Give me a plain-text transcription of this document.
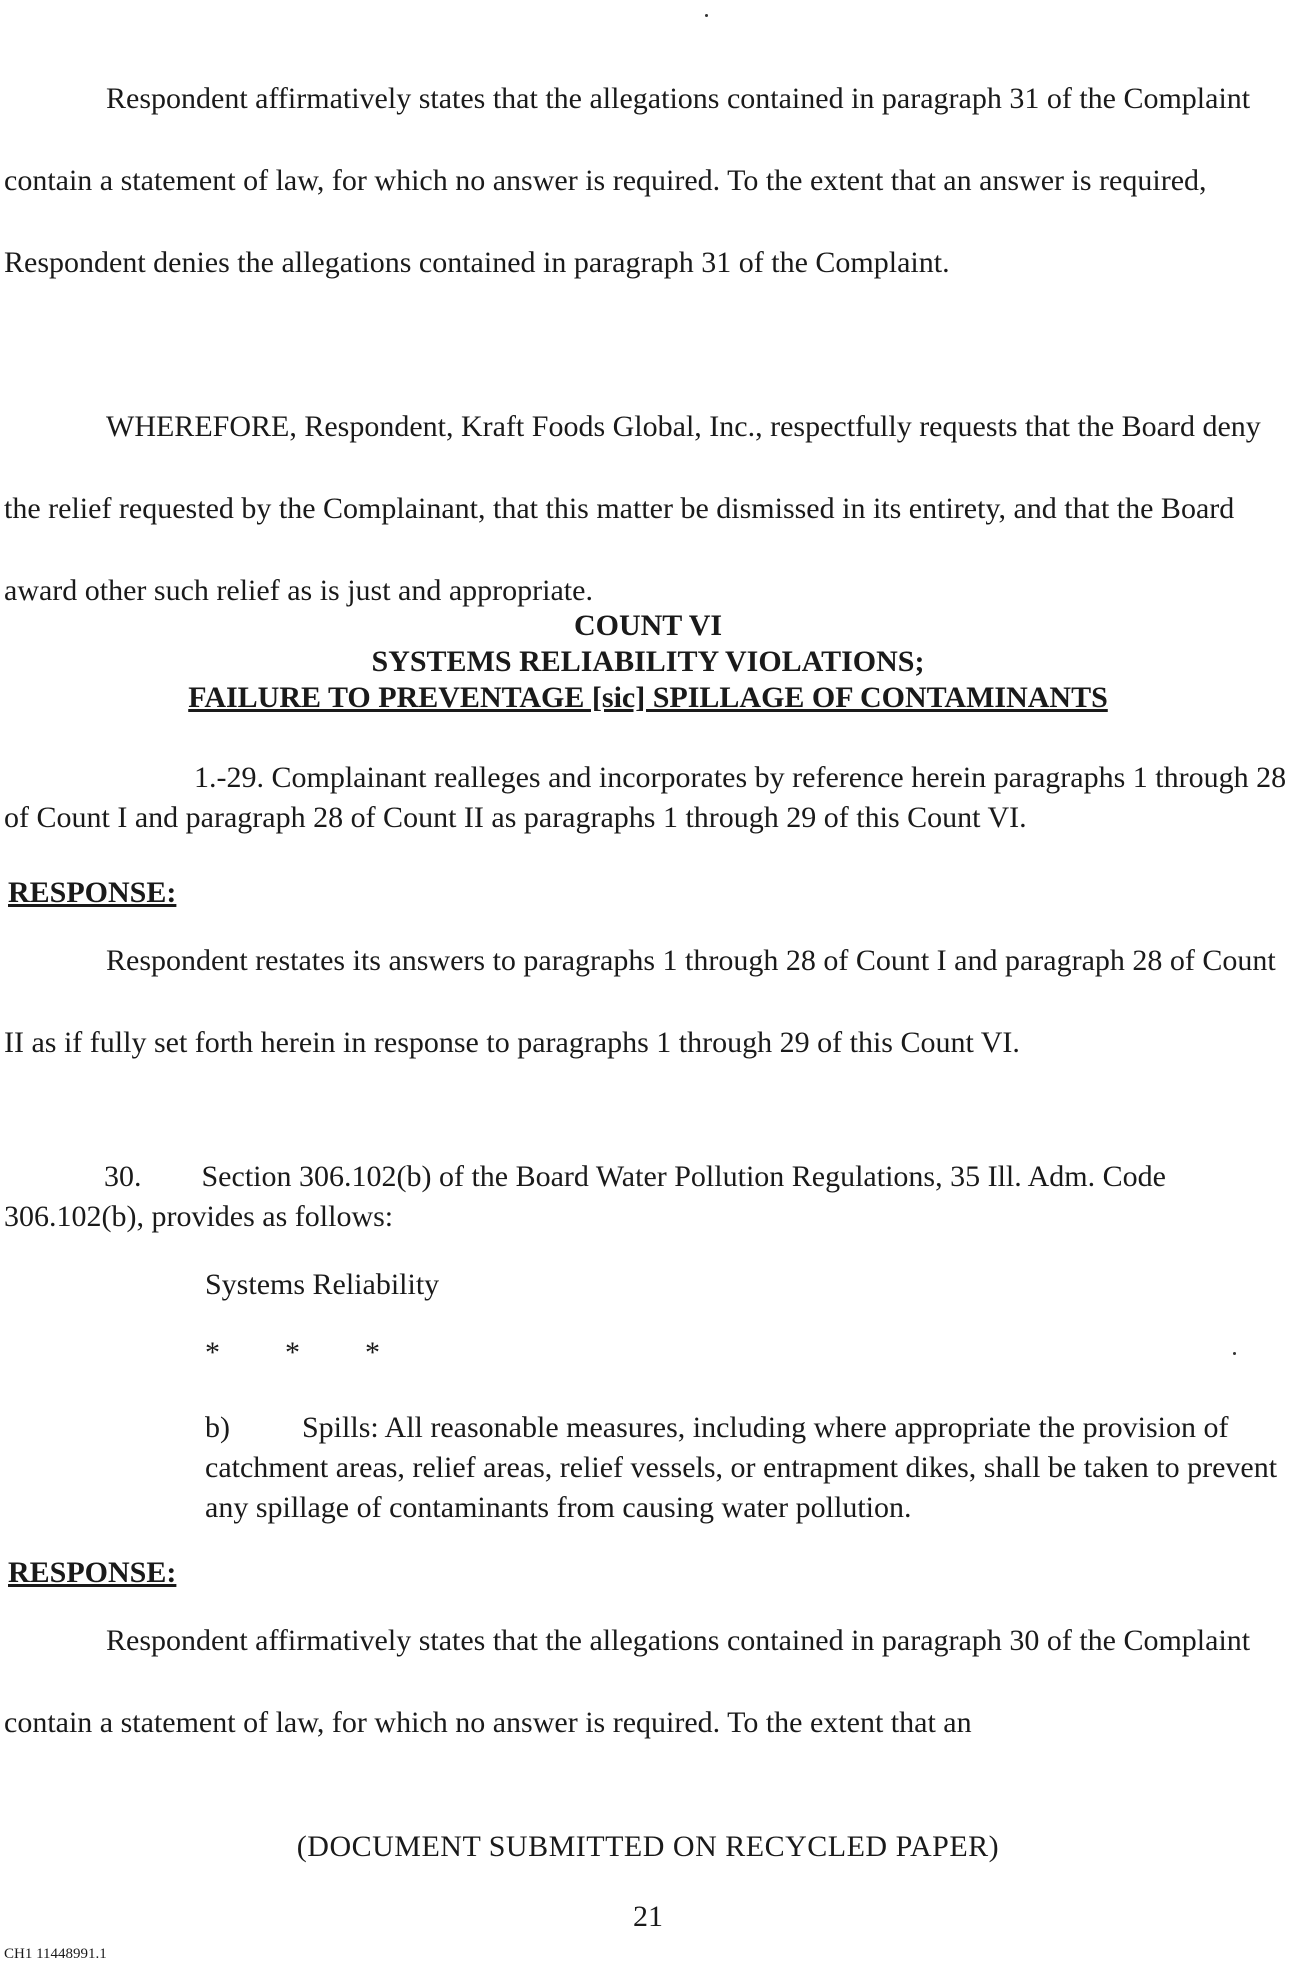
Respondent affirmatively states that the allegations contained in paragraph 31 of the Complaint contain a statement of law, for which no answer is required. To the extent that an answer is required, Respondent denies the allegations contained in paragraph 31 of the Complaint.

WHEREFORE, Respondent, Kraft Foods Global, Inc., respectfully requests that the Board deny the relief requested by the Complainant, that this matter be dismissed in its entirety, and that the Board award other such relief as is just and appropriate.

COUNT VI
SYSTEMS RELIABILITY VIOLATIONS;
FAILURE TO PREVENTAGE [sic] SPILLAGE OF CONTAMINANTS

1.-29. Complainant realleges and incorporates by reference herein paragraphs 1 through 28 of Count I and paragraph 28 of Count II as paragraphs 1 through 29 of this Count VI.

RESPONSE:

Respondent restates its answers to paragraphs 1 through 28 of Count I and paragraph 28 of Count II as if fully set forth herein in response to paragraphs 1 through 29 of this Count VI.

30.  Section 306.102(b) of the Board Water Pollution Regulations, 35 Ill. Adm. Code 306.102(b), provides as follows:

Systems Reliability

* * *

b) Spills: All reasonable measures, including where appropriate the provision of catchment areas, relief areas, relief vessels, or entrapment dikes, shall be taken to prevent any spillage of contaminants from causing water pollution.

RESPONSE:

Respondent affirmatively states that the allegations contained in paragraph 30 of the Complaint contain a statement of law, for which no answer is required. To the extent that an

(DOCUMENT SUBMITTED ON RECYCLED PAPER)

21

CH1 11448991.1
